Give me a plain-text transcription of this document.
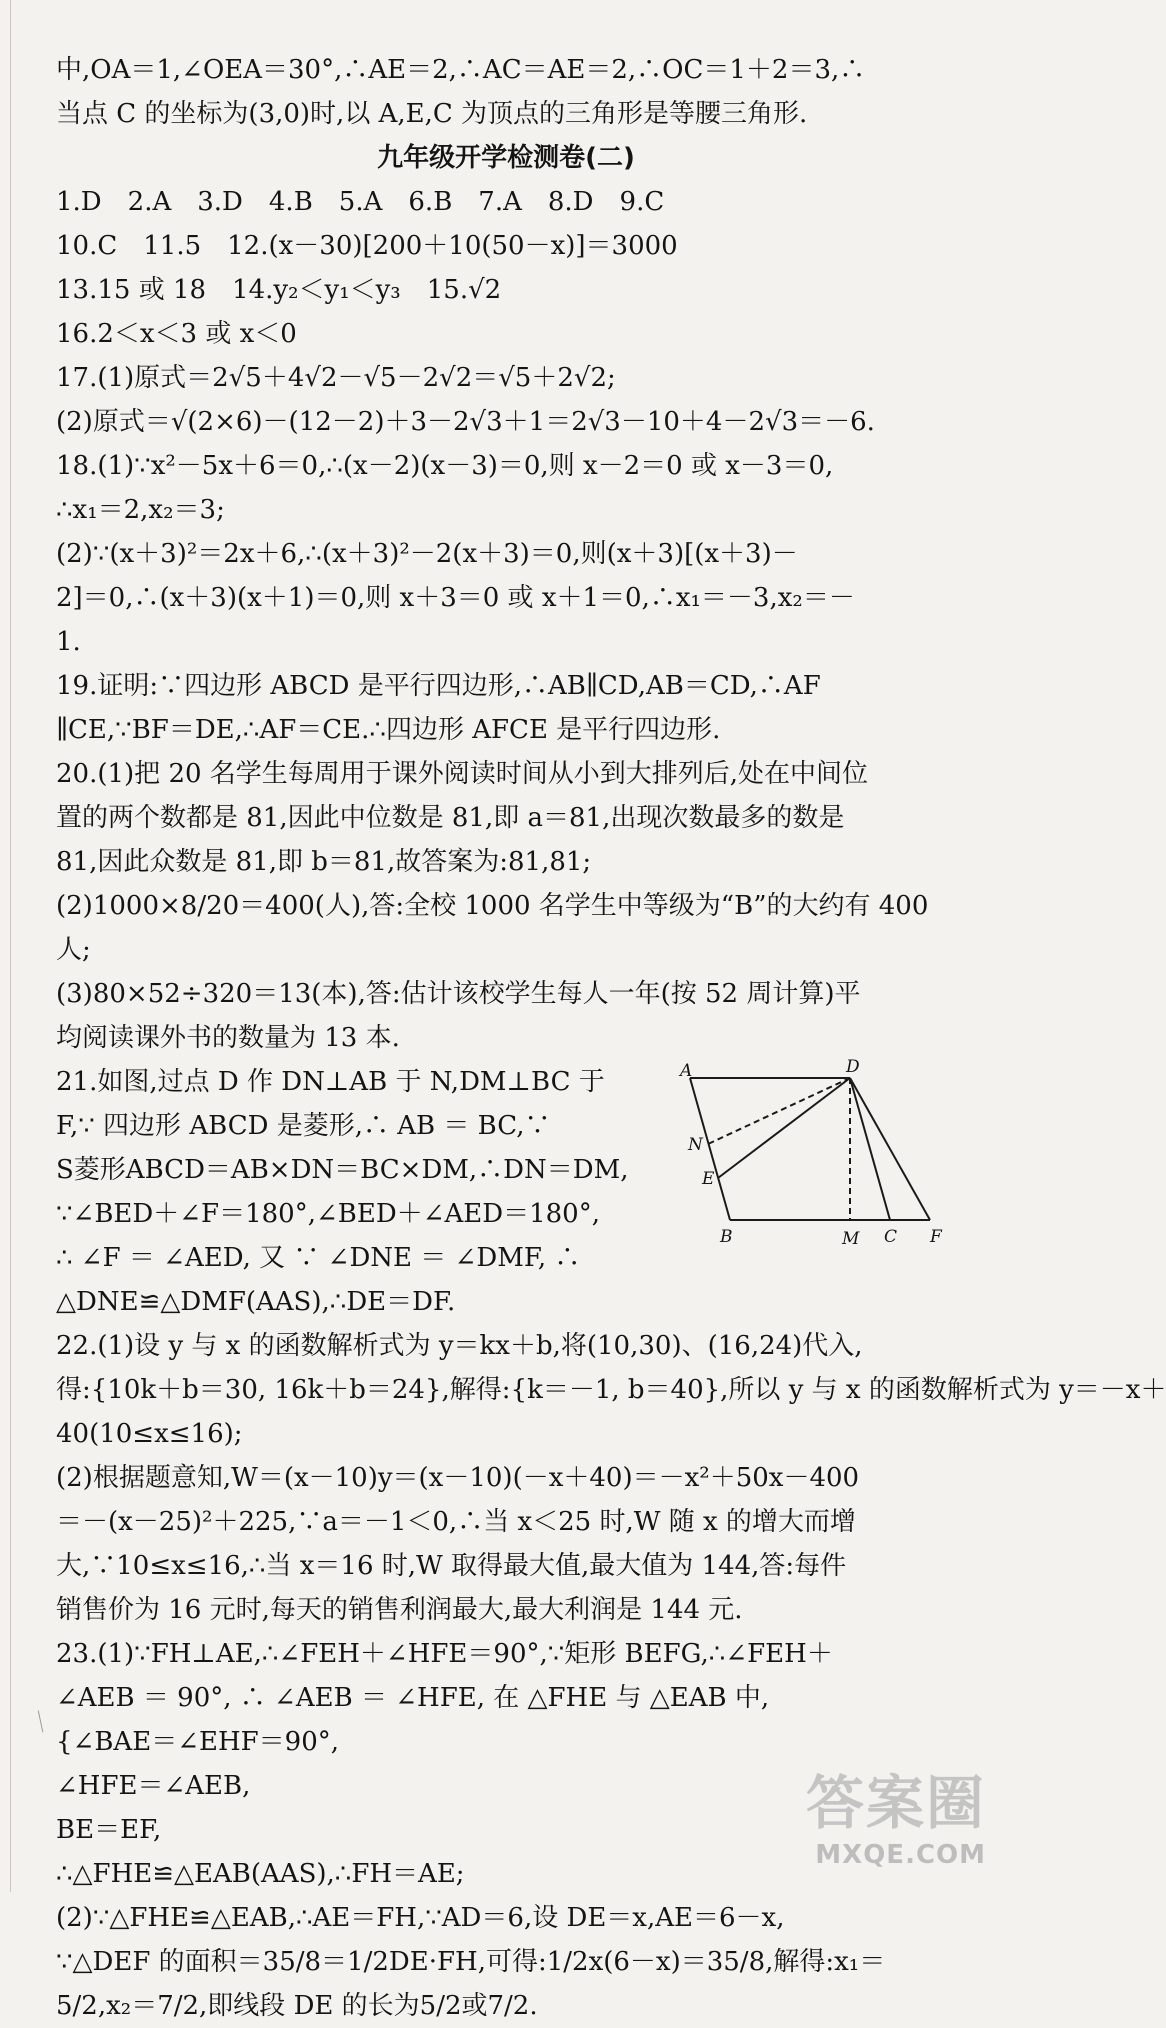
中,OA＝1,∠OEA＝30°,∴AE＝2,∴AC＝AE＝2,∴OC＝1＋2＝3,∴
当点 C 的坐标为(3,0)时,以 A,E,C 为顶点的三角形是等腰三角形.
九年级开学检测卷(二)
1.D　2.A　3.D　4.B　5.A　6.B　7.A　8.D　9.C
10.C　11.5　12.(x－30)[200＋10(50－x)]＝3000
13.15 或 18　14.y₂＜y₁＜y₃　15.√2
16.2＜x＜3 或 x＜0
17.(1)原式＝2√5＋4√2－√5－2√2＝√5＋2√2;
(2)原式＝√(2×6)－(12－2)＋3－2√3＋1＝2√3－10＋4－2√3＝－6.
18.(1)∵x²－5x＋6＝0,∴(x－2)(x－3)＝0,则 x－2＝0 或 x－3＝0,
∴x₁＝2,x₂＝3;
(2)∵(x＋3)²＝2x＋6,∴(x＋3)²－2(x＋3)＝0,则(x＋3)[(x＋3)－
2]＝0,∴(x＋3)(x＋1)＝0,则 x＋3＝0 或 x＋1＝0,∴x₁＝－3,x₂＝－
1.
19.证明:∵四边形 ABCD 是平行四边形,∴AB∥CD,AB＝CD,∴AF
∥CE,∵BF＝DE,∴AF＝CE.∴四边形 AFCE 是平行四边形.
20.(1)把 20 名学生每周用于课外阅读时间从小到大排列后,处在中间位
置的两个数都是 81,因此中位数是 81,即 a＝81,出现次数最多的数是
81,因此众数是 81,即 b＝81,故答案为:81,81;
(2)1000×8/20＝400(人),答:全校 1000 名学生中等级为“B”的大约有 400
人;
(3)80×52÷320＝13(本),答:估计该校学生每人一年(按 52 周计算)平
均阅读课外书的数量为 13 本.
21.如图,过点 D 作 DN⊥AB 于 N,DM⊥BC 于
F,∵ 四边形 ABCD 是菱形,∴ AB ＝ BC,∵
S菱形ABCD＝AB×DN＝BC×DM,∴DN＝DM,
∵∠BED＋∠F＝180°,∠BED＋∠AED＝180°,
∴ ∠F ＝ ∠AED, 又 ∵ ∠DNE ＝ ∠DMF, ∴
△DNE≌△DMF(AAS),∴DE＝DF.
A	D
N
E
B	M C F
22.(1)设 y 与 x 的函数解析式为 y＝kx＋b,将(10,30)、(16,24)代入,
得:{10k＋b＝30, 16k＋b＝24},解得:{k＝－1, b＝40},所以 y 与 x 的函数解析式为 y＝－x＋
40(10≤x≤16);
(2)根据题意知,W＝(x－10)y＝(x－10)(－x＋40)＝－x²＋50x－400
＝－(x－25)²＋225,∵a＝－1＜0,∴当 x＜25 时,W 随 x 的增大而增
大,∵10≤x≤16,∴当 x＝16 时,W 取得最大值,最大值为 144,答:每件
销售价为 16 元时,每天的销售利润最大,最大利润是 144 元.
23.(1)∵FH⊥AE,∴∠FEH＋∠HFE＝90°,∵矩形 BEFG,∴∠FEH＋
∠AEB ＝ 90°, ∴ ∠AEB ＝ ∠HFE, 在 △FHE 与 △EAB 中,
{∠BAE＝∠EHF＝90°,
∠HFE＝∠AEB,
BE＝EF,
∴△FHE≌△EAB(AAS),∴FH＝AE;
(2)∵△FHE≌△EAB,∴AE＝FH,∵AD＝6,设 DE＝x,AE＝6－x,
∵△DEF 的面积＝35/8＝1/2DE·FH,可得:1/2x(6－x)＝35/8,解得:x₁＝
5/2,x₂＝7/2,即线段 DE 的长为5/2或7/2.
答案圈
MXQE.COM
